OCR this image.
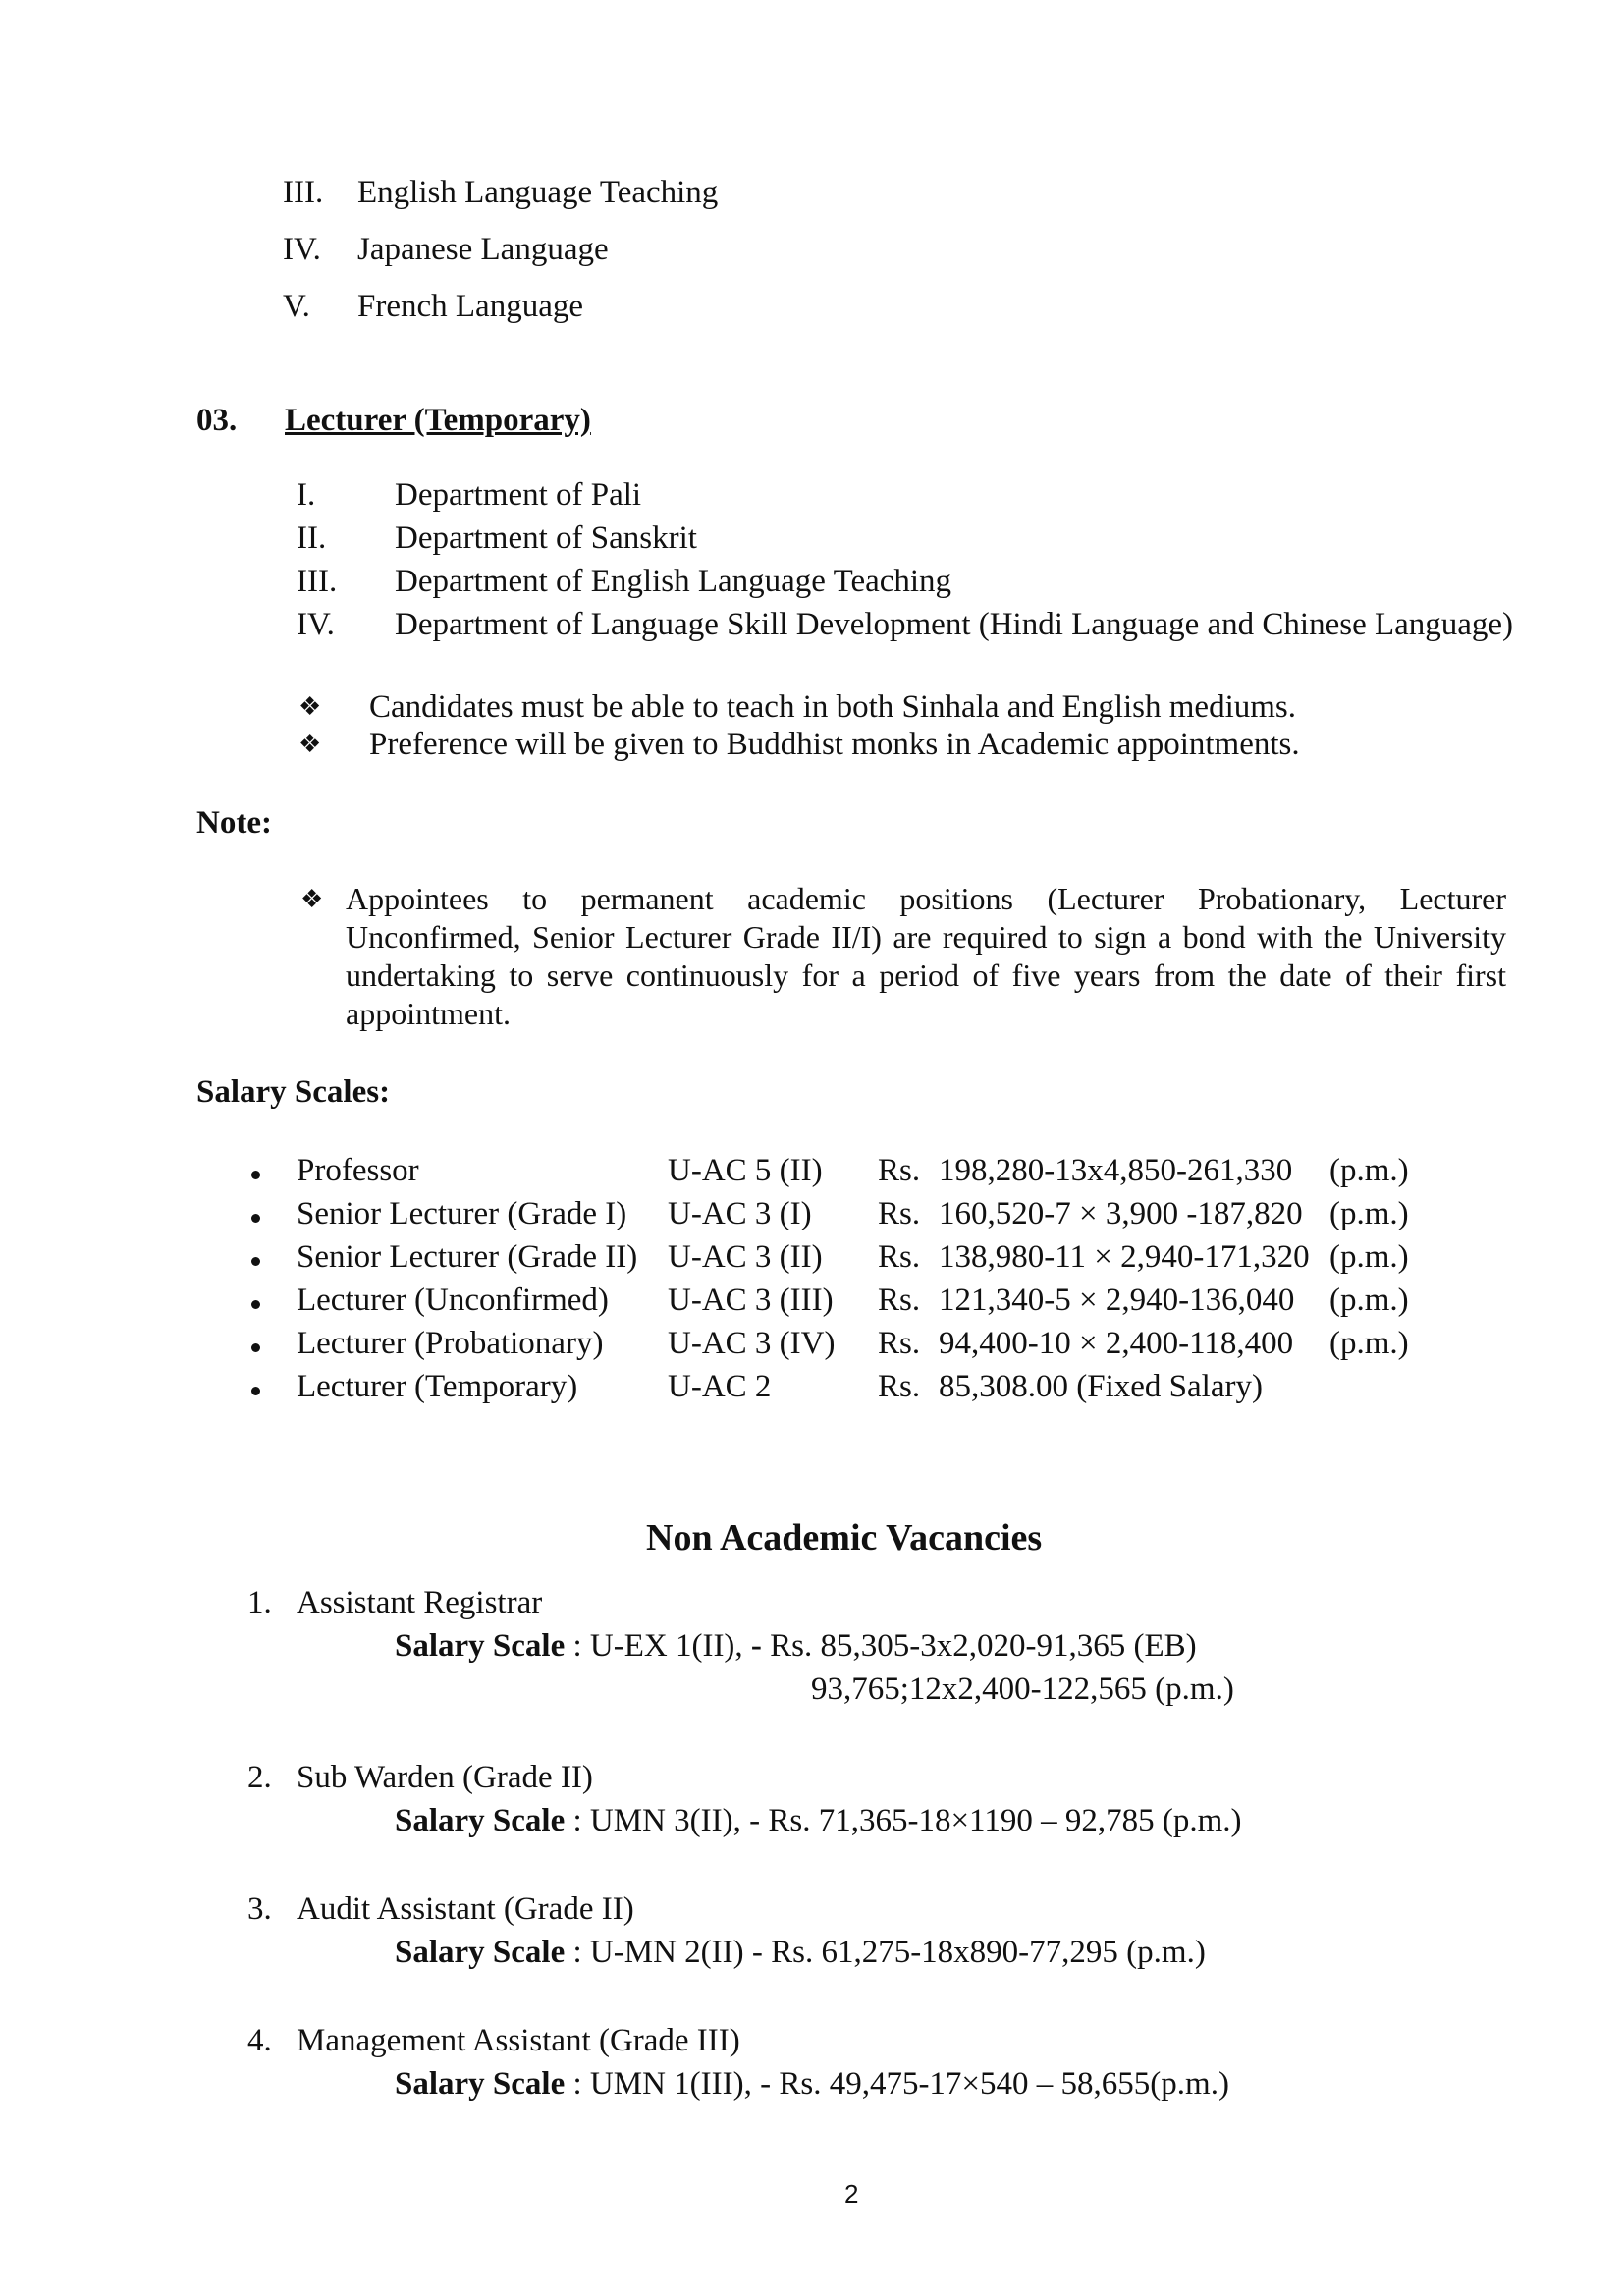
III. English Language Teaching
IV. Japanese Language
V. French Language
03. Lecturer (Temporary)
I. Department of Pali
II. Department of Sanskrit
III. Department of English Language Teaching
IV. Department of Language Skill Development (Hindi Language and Chinese Language)
❖ Candidates must be able to teach in both Sinhala and English mediums.
❖ Preference will be given to Buddhist monks in Academic appointments.
Note:
❖ Appointees to permanent academic positions (Lecturer Probationary, Lecturer Unconfirmed, Senior Lecturer Grade II/I) are required to sign a bond with the University undertaking to serve continuously for a period of five years from the date of their first appointment.
Salary Scales:
Professor	U-AC 5 (II) Rs. 198,280-13x4,850-261,330 (p.m.)
Senior Lecturer (Grade I) U-AC 3 (I) Rs. 160,520-7 × 3,900 -187,820 (p.m.)
Senior Lecturer (Grade II) U-AC 3 (II) Rs. 138,980-11 × 2,940-171,320 (p.m.)
Lecturer (Unconfirmed) U-AC 3 (III) Rs. 121,340-5 × 2,940-136,040 (p.m.)
Lecturer (Probationary) U-AC 3 (IV) Rs. 94,400-10 × 2,400-118,400 (p.m.)
Lecturer (Temporary)	U-AC 2	Rs. 85,308.00 (Fixed Salary)
Non Academic Vacancies
1. Assistant Registrar
Salary Scale : U-EX 1(II), - Rs. 85,305-3x2,020-91,365 (EB)
93,765;12x2,400-122,565 (p.m.)
2. Sub Warden (Grade II)
Salary Scale : UMN 3(II), - Rs. 71,365-18×1190 – 92,785 (p.m.)
3. Audit Assistant (Grade II)
Salary Scale : U-MN 2(II) - Rs. 61,275-18x890-77,295 (p.m.)
4. Management Assistant (Grade III)
Salary Scale : UMN 1(III), - Rs. 49,475-17×540 – 58,655(p.m.)
2
